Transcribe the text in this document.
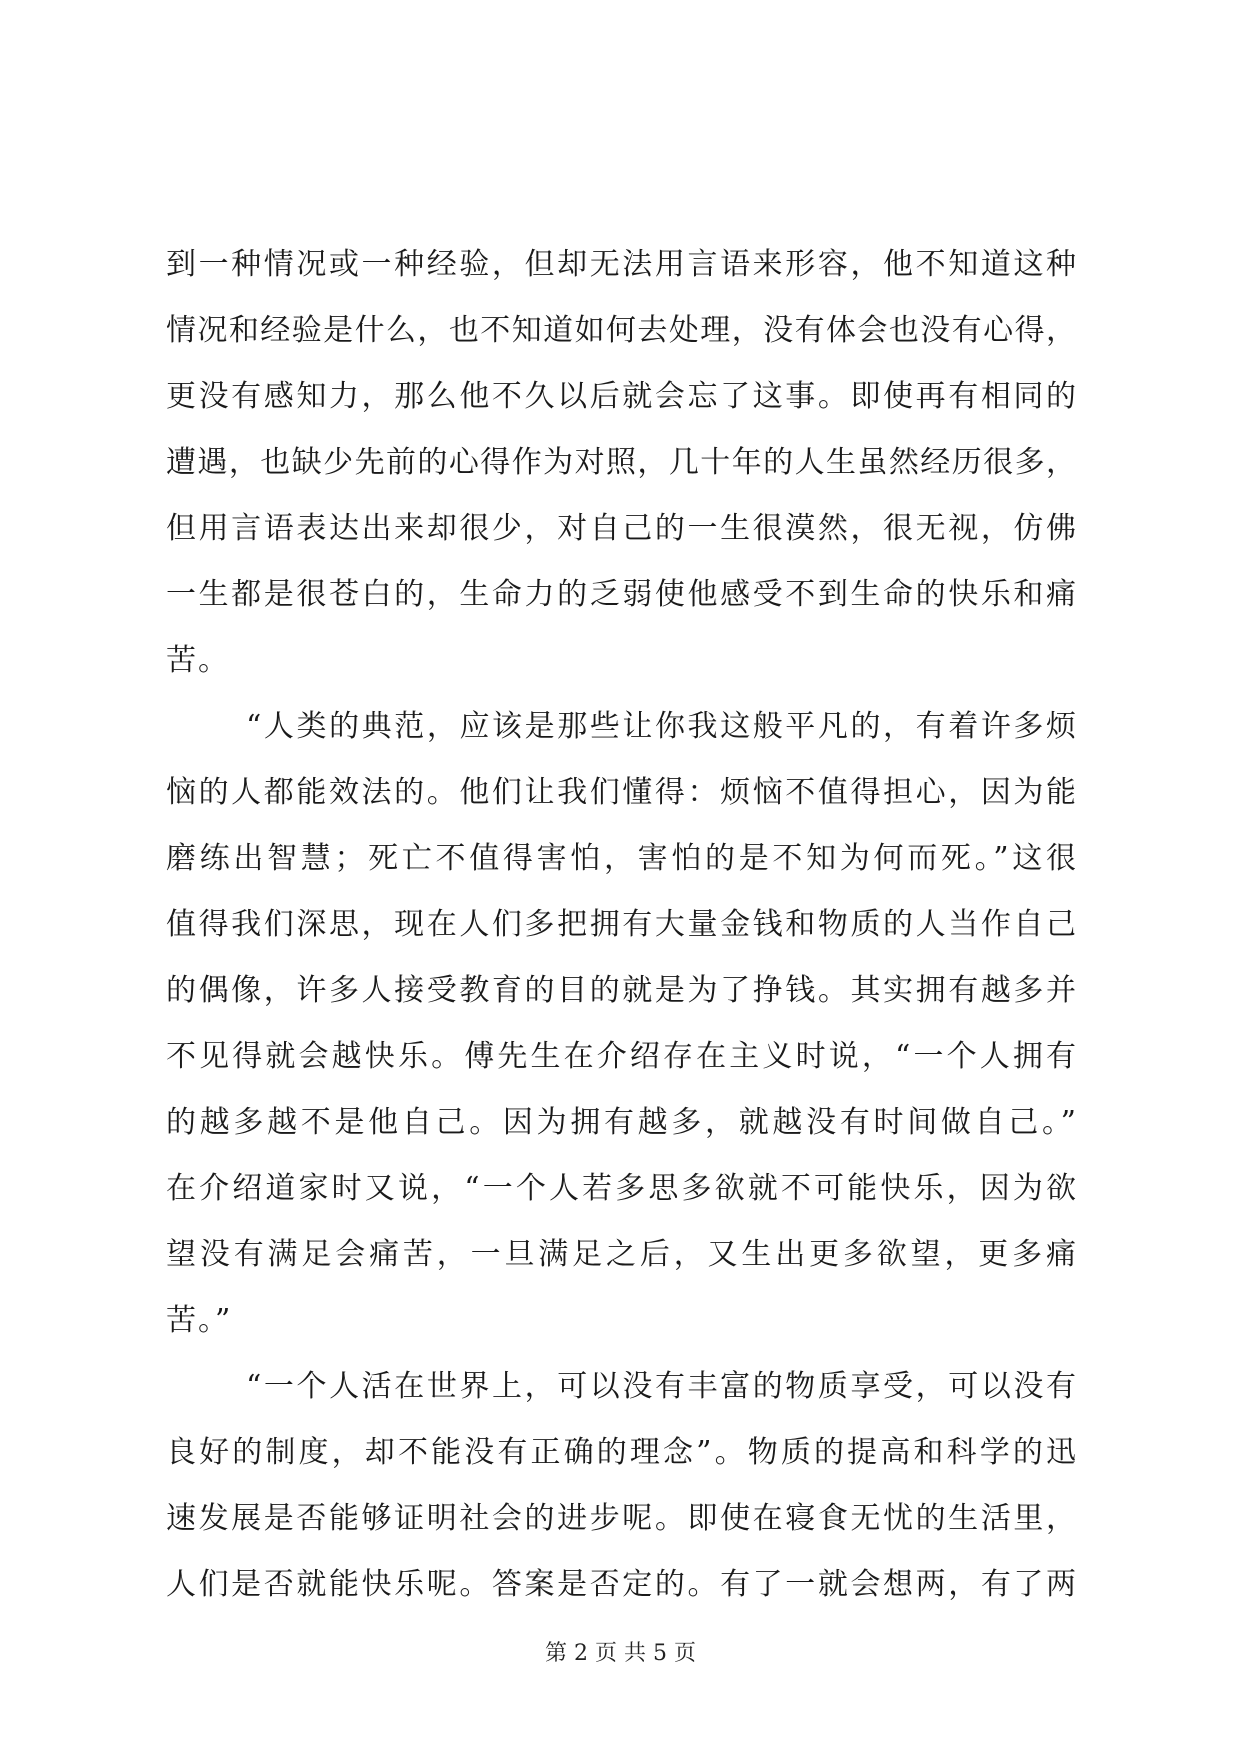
到一种情况或一种经验，但却无法用言语来形容，他不知道这种
情况和经验是什么，也不知道如何去处理，没有体会也没有心得，
更没有感知力，那么他不久以后就会忘了这事。即使再有相同的
遭遇，也缺少先前的心得作为对照，几十年的人生虽然经历很多，
但用言语表达出来却很少，对自己的一生很漠然，很无视，仿佛
一生都是很苍白的，生命力的乏弱使他感受不到生命的快乐和痛
苦。
“人类的典范，应该是那些让你我这般平凡的，有着许多烦
恼的人都能效法的。他们让我们懂得：烦恼不值得担心，因为能
磨练出智慧；死亡不值得害怕，害怕的是不知为何而死。”这很
值得我们深思，现在人们多把拥有大量金钱和物质的人当作自己
的偶像，许多人接受教育的目的就是为了挣钱。其实拥有越多并
不见得就会越快乐。傅先生在介绍存在主义时说，“一个人拥有
的越多越不是他自己。因为拥有越多，就越没有时间做自己。”
在介绍道家时又说，“一个人若多思多欲就不可能快乐，因为欲
望没有满足会痛苦，一旦满足之后，又生出更多欲望，更多痛
苦。”
“一个人活在世界上，可以没有丰富的物质享受，可以没有
良好的制度，却不能没有正确的理念”。物质的提高和科学的迅
速发展是否能够证明社会的进步呢。即使在寝食无忧的生活里，
人们是否就能快乐呢。答案是否定的。有了一就会想两，有了两
第 2 页 共 5 页
